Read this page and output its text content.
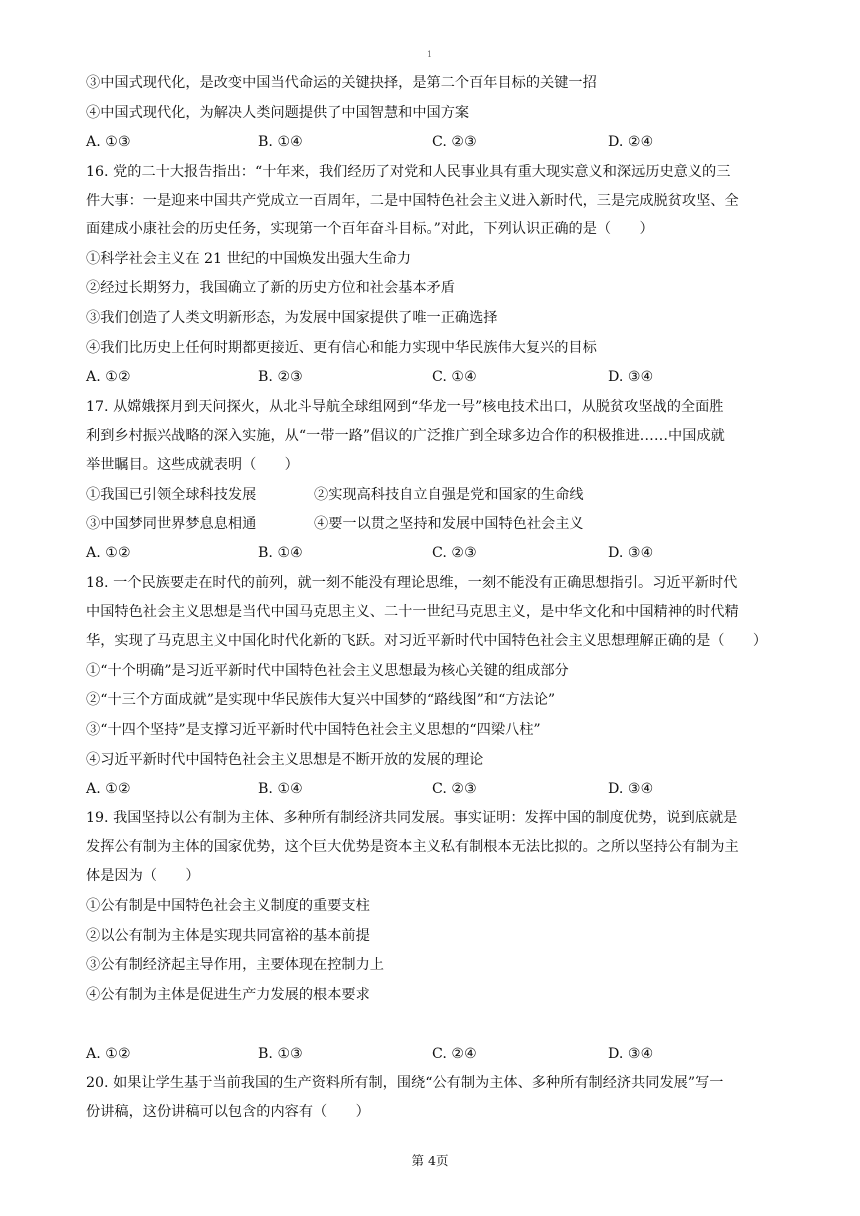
1
③中国式现代化，是改变中国当代命运的关键抉择，是第二个百年目标的关键一招
④中国式现代化，为解决人类问题提供了中国智慧和中国方案
A. ①③	B. ①④	C. ②③	D. ②④
16. 党的二十大报告指出：“十年来，我们经历了对党和人民事业具有重大现实意义和深远历史意义的三
件大事：一是迎来中国共产党成立一百周年，二是中国特色社会主义进入新时代，三是完成脱贫攻坚、全
面建成小康社会的历史任务，实现第一个百年奋斗目标。”对此，下列认识正确的是（　　）
①科学社会主义在 21 世纪的中国焕发出强大生命力
②经过长期努力，我国确立了新的历史方位和社会基本矛盾
③我们创造了人类文明新形态，为发展中国家提供了唯一正确选择
④我们比历史上任何时期都更接近、更有信心和能力实现中华民族伟大复兴的目标
A. ①②	B. ②③	C. ①④	D. ③④
17. 从嫦娥探月到天问探火，从北斗导航全球组网到“华龙一号”核电技术出口，从脱贫攻坚战的全面胜
利到乡村振兴战略的深入实施，从“一带一路”倡议的广泛推广到全球多边合作的积极推进……中国成就
举世瞩目。这些成就表明（　　）
①我国已引领全球科技发展	②实现高科技自立自强是党和国家的生命线
③中国梦同世界梦息息相通	④要一以贯之坚持和发展中国特色社会主义
A. ①②	B. ①④	C. ②③	D. ③④
18. 一个民族要走在时代的前列，就一刻不能没有理论思维，一刻不能没有正确思想指引。习近平新时代
中国特色社会主义思想是当代中国马克思主义、二十一世纪马克思主义，是中华文化和中国精神的时代精
华，实现了马克思主义中国化时代化新的飞跃。对习近平新时代中国特色社会主义思想理解正确的是（　　）
①“十个明确”是习近平新时代中国特色社会主义思想最为核心关键的组成部分
②“十三个方面成就”是实现中华民族伟大复兴中国梦的“路线图”和“方法论”
③“十四个坚持”是支撑习近平新时代中国特色社会主义思想的“四梁八柱”
④习近平新时代中国特色社会主义思想是不断开放的发展的理论
A. ①②	B. ①④	C. ②③	D. ③④
19. 我国坚持以公有制为主体、多种所有制经济共同发展。事实证明：发挥中国的制度优势，说到底就是
发挥公有制为主体的国家优势，这个巨大优势是资本主义私有制根本无法比拟的。之所以坚持公有制为主
体是因为（　　）
①公有制是中国特色社会主义制度的重要支柱
②以公有制为主体是实现共同富裕的基本前提
③公有制经济起主导作用，主要体现在控制力上
④公有制为主体是促进生产力发展的根本要求
A. ①②	B. ①③	C. ②④	D. ③④
20. 如果让学生基于当前我国的生产资料所有制，围绕“公有制为主体、多种所有制经济共同发展”写一
份讲稿，这份讲稿可以包含的内容有（　　）
第 4页
